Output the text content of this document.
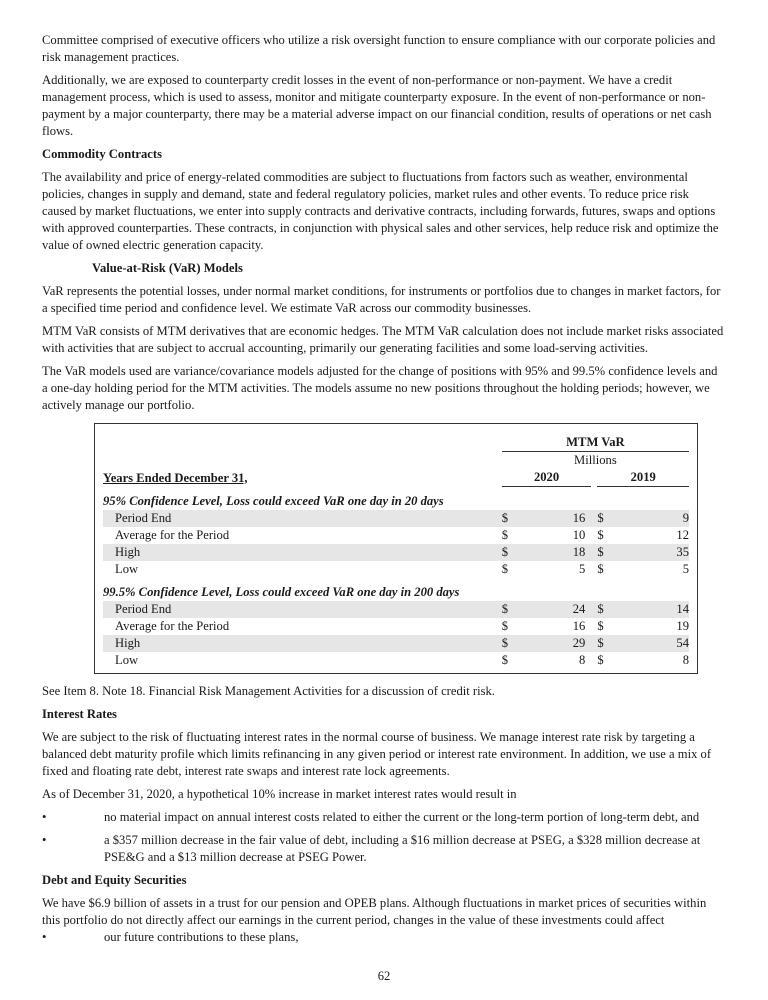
Committee comprised of executive officers who utilize a risk oversight function to ensure compliance with our corporate policies and risk management practices.

Additionally, we are exposed to counterparty credit losses in the event of non-performance or non-payment. We have a credit management process, which is used to assess, monitor and mitigate counterparty exposure. In the event of non-performance or non-payment by a major counterparty, there may be a material adverse impact on our financial condition, results of operations or net cash flows.

Commodity Contracts

The availability and price of energy-related commodities are subject to fluctuations from factors such as weather, environmental policies, changes in supply and demand, state and federal regulatory policies, market rules and other events. To reduce price risk caused by market fluctuations, we enter into supply contracts and derivative contracts, including forwards, futures, swaps and options with approved counterparties. These contracts, in conjunction with physical sales and other services, help reduce risk and optimize the value of owned electric generation capacity.

Value-at-Risk (VaR) Models

VaR represents the potential losses, under normal market conditions, for instruments or portfolios due to changes in market factors, for a specified time period and confidence level. We estimate VaR across our commodity businesses.

MTM VaR consists of MTM derivatives that are economic hedges. The MTM VaR calculation does not include market risks associated with activities that are subject to accrual accounting, primarily our generating facilities and some load-serving activities.

The VaR models used are variance/covariance models adjusted for the change of positions with 95% and 99.5% confidence levels and a one-day holding period for the MTM activities. The models assume no new positions throughout the holding periods; however, we actively manage our portfolio.

	MTM VaR				
	Millions				
Years Ended December 31,	2020			2019	
95% Confidence Level, Loss could exceed VaR one day in 20 days					
Period End	$	16		$	9
Average for the Period	$	10		$	12
High	$	18		$	35
Low	$	5		$	5
99.5% Confidence Level, Loss could exceed VaR one day in 200 days					
Period End	$	24		$	14
Average for the Period	$	16		$	19
High	$	29		$	54
Low	$	8		$	8

See Item 8. Note 18. Financial Risk Management Activities for a discussion of credit risk.

Interest Rates

We are subject to the risk of fluctuating interest rates in the normal course of business. We manage interest rate risk by targeting a balanced debt maturity profile which limits refinancing in any given period or interest rate environment. In addition, we use a mix of fixed and floating rate debt, interest rate swaps and interest rate lock agreements.

As of December 31, 2020, a hypothetical 10% increase in market interest rates would result in

•	no material impact on annual interest costs related to either the current or the long-term portion of long-term debt, and
•	a $357 million decrease in the fair value of debt, including a $16 million decrease at PSEG, a $328 million decrease at PSE&G and a $13 million decrease at PSEG Power.
Debt and Equity Securities

We have $6.9 billion of assets in a trust for our pension and OPEB plans. Although fluctuations in market prices of securities within this portfolio do not directly affect our earnings in the current period, changes in the value of these investments could affect

•	our future contributions to these plans,
62
